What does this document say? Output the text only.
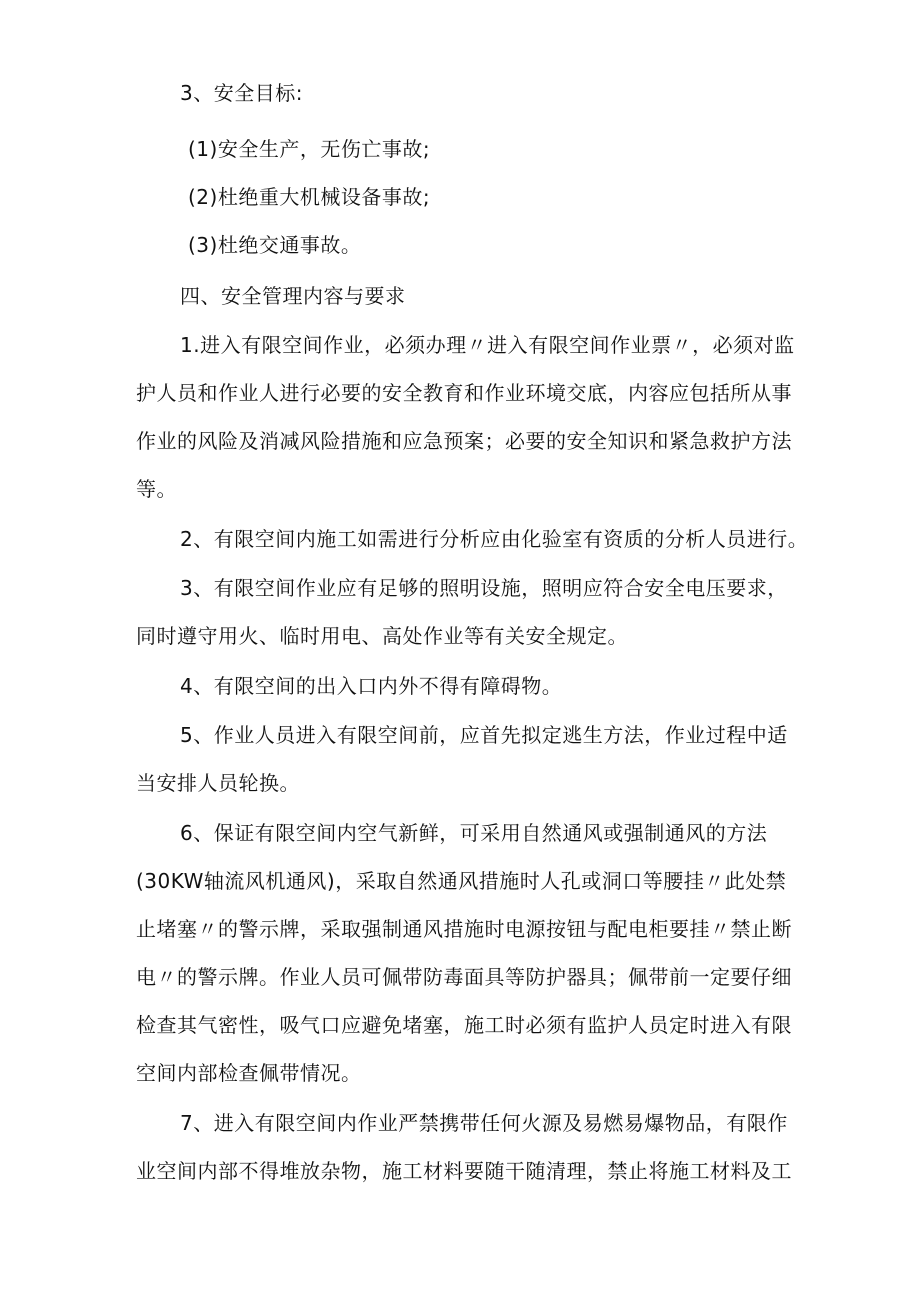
3、安全目标:
(1)安全生产，无伤亡事故;
(2)杜绝重大机械设备事故;
(3)杜绝交通事故。
四、安全管理内容与要求
1.进入有限空间作业，必须办理〃进入有限空间作业票〃，必须对监
护人员和作业人进行必要的安全教育和作业环境交底，内容应包括所从事
作业的风险及消减风险措施和应急预案；必要的安全知识和紧急救护方法
等。
2、有限空间内施工如需进行分析应由化验室有资质的分析人员进行。
3、有限空间作业应有足够的照明设施，照明应符合安全电压要求，
同时遵守用火、临时用电、高处作业等有关安全规定。
4、有限空间的出入口内外不得有障碍物。
5、作业人员进入有限空间前，应首先拟定逃生方法，作业过程中适
当安排人员轮换。
6、保证有限空间内空气新鲜，可采用自然通风或强制通风的方法
(30KW轴流风机通风)，采取自然通风措施时人孔或洞口等腰挂〃此处禁
止堵塞〃的警示牌，采取强制通风措施时电源按钮与配电柜要挂〃禁止断
电〃的警示牌。作业人员可佩带防毒面具等防护器具；佩带前一定要仔细
检查其气密性，吸气口应避免堵塞，施工时必须有监护人员定时进入有限
空间内部检查佩带情况。
7、进入有限空间内作业严禁携带任何火源及易燃易爆物品，有限作
业空间内部不得堆放杂物，施工材料要随干随清理，禁止将施工材料及工
